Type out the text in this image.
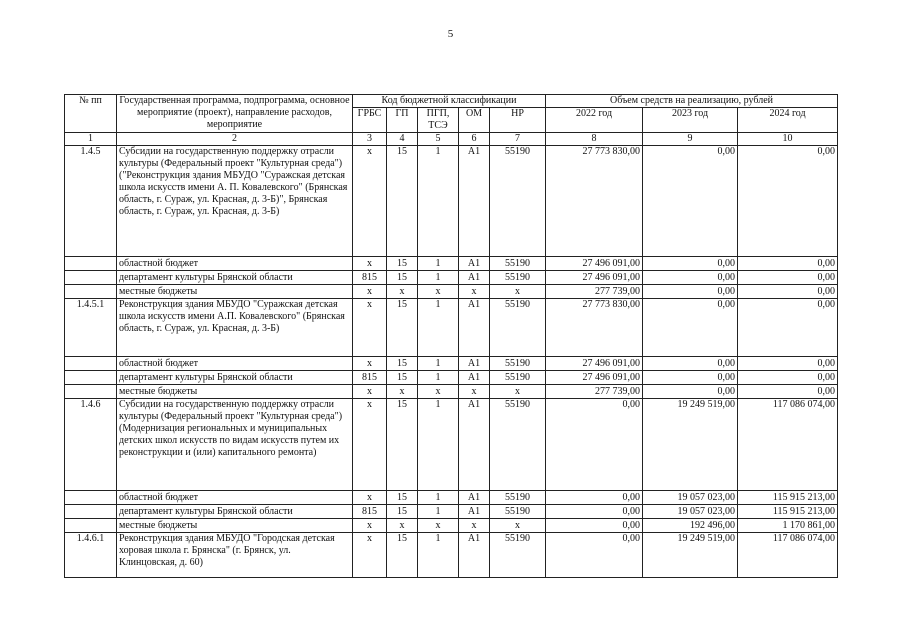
5
№ пп	Государственная программа, подпрограмма, основное мероприятие (проект), направление расходов, мероприятие	Код бюджетной классификации					Объем средств на реализацию, рублей		
		ГРБС	ГП	ПГП, ТСЭ	ОМ	НР	2022 год	2023 год	2024 год
1	2	3	4	5	6	7	8	9	10
1.4.5	Субсидии на государственную поддержку отрасли культуры (Федеральный проект "Культурная среда") ("Реконструкция здания МБУДО "Суражская детская школа искусств имени А. П. Ковалевского" (Брянская область, г. Сураж, ул. Красная, д. 3-Б)", Брянская область, г. Сураж, ул. Красная, д. 3-Б)	х	15	1	А1	55190	27 773 830,00	0,00	0,00
	областной бюджет	х	15	1	А1	55190	27 496 091,00	0,00	0,00
	департамент культуры Брянской области	815	15	1	А1	55190	27 496 091,00	0,00	0,00
	местные бюджеты	х	х	х	х	х	277 739,00	0,00	0,00
1.4.5.1	Реконструкция здания МБУДО "Суражская детская школа искусств имени А.П. Ковалевского" (Брянская область, г. Сураж, ул. Красная, д. 3-Б)	х	15	1	А1	55190	27 773 830,00	0,00	0,00
	областной бюджет	х	15	1	А1	55190	27 496 091,00	0,00	0,00
	департамент культуры Брянской области	815	15	1	А1	55190	27 496 091,00	0,00	0,00
	местные бюджеты	х	х	х	х	х	277 739,00	0,00	0,00
1.4.6	Субсидии на государственную поддержку отрасли культуры (Федеральный проект "Культурная среда") (Модернизация региональных и муниципальных детских школ искусств по видам искусств путем их реконструкции и (или) капитального ремонта)	х	15	1	А1	55190	0,00	19 249 519,00	117 086 074,00
	областной бюджет	х	15	1	А1	55190	0,00	19 057 023,00	115 915 213,00
	департамент культуры Брянской области	815	15	1	А1	55190	0,00	19 057 023,00	115 915 213,00
	местные бюджеты	х	х	х	х	х	0,00	192 496,00	1 170 861,00
1.4.6.1	Реконструкция здания МБУДО "Городская детская хоровая школа г. Брянска" (г. Брянск, ул. Клинцовская, д. 60)	х	15	1	А1	55190	0,00	19 249 519,00	117 086 074,00
